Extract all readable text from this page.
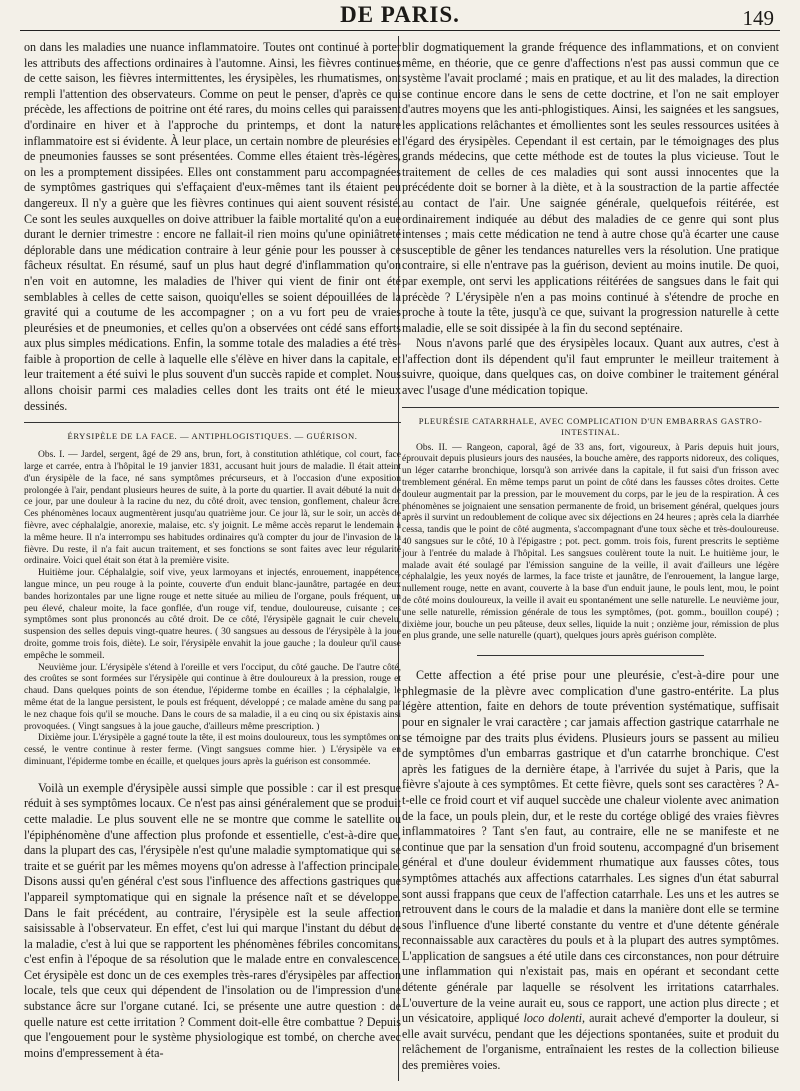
DE PARIS.	149

on dans les maladies une nuance inflammatoire. Toutes ont continué à porter les attributs des affections ordinaires à l'automne. Ainsi, les fièvres continues de cette saison, les fièvres intermittentes, les érysipèles, les rhumatismes, ont rempli l'attention des observateurs. Comme on peut le penser, d'après ce qui précède, les affections de poitrine ont été rares, du moins celles qui paraissent d'ordinaire en hiver et à l'approche du printemps, et dont la nature inflammatoire est si évidente. À leur place, un certain nombre de pleurésies et de pneumonies fausses se sont présentées. Comme elles étaient très-légères, on les a promptement dissipées. Elles ont constamment paru accompagnées de symptômes gastriques qui s'effaçaient d'eux-mêmes tant ils étaient peu dangereux. Il n'y a guère que les fièvres continues qui aient souvent résisté. Ce sont les seules auxquelles on doive attribuer la faible mortalité qu'on a eue durant le dernier trimestre : encore ne fallait-il rien moins qu'une opiniâtreté déplorable dans une médication contraire à leur génie pour les pousser à ce fâcheux résultat. En résumé, sauf un plus haut degré d'inflammation qu'on n'en voit en automne, les maladies de l'hiver qui vient de finir ont été semblables à celles de cette saison, quoiqu'elles se soient dépouillées de la gravité qui a coutume de les accompagner ; on a vu fort peu de vraies pleurésies et de pneumonies, et celles qu'on a observées ont cédé sans efforts aux plus simples médications. Enfin, la somme totale des maladies a été très-faible à proportion de celle à laquelle elle s'élève en hiver dans la capitale, et leur traitement a été suivi le plus souvent d'un succès rapide et complet. Nous allons choisir parmi ces maladies celles dont les traits ont été le mieux dessinés.

ÉRYSIPÈLE DE LA FACE. — ANTIPHLOGISTIQUES. — GUÉRISON.

Obs. I. — Jardel, sergent, âgé de 29 ans, brun, fort, à constitution athlétique, col court, face large et carrée, entra à l'hôpital le 19 janvier 1831, accusant huit jours de maladie. Il était atteint d'un érysipèle de la face, né sans symptômes précurseurs, et à l'occasion d'une exposition prolongée à l'air, pendant plusieurs heures de suite, à la porte du quartier. Il avait débuté la nuit de ce jour, par une douleur à la racine du nez, du côté droit, avec tension, gonflement, chaleur âcre. Ces phénomènes locaux augmentèrent jusqu'au quatrième jour. Ce jour là, sur le soir, un accès de fièvre, avec céphalalgie, anorexie, malaise, etc. s'y joignit. Le même accès reparut le lendemain à la même heure. Il n'a interrompu ses habitudes ordinaires qu'à compter du jour de l'invasion de la fièvre. Du reste, il n'a fait aucun traitement, et ses fonctions se sont faites avec leur régularité ordinaire. Voici quel était son état à la première visite.

Huitième jour. Céphalalgie, soif vive, yeux larmoyans et injectés, enrouement, inappétence, langue mince, un peu rouge à la pointe, couverte d'un enduit blanc-jaunâtre, partagée en deux bandes horizontales par une ligne rouge et nette située au milieu de l'organe, pouls fréquent, un peu élevé, chaleur moite, la face gonflée, d'un rouge vif, tendue, douloureuse, cuisante ; ces symptômes sont plus prononcés au côté droit. De ce côté, l'érysipèle gagnait le cuir chevelu, suspension des selles depuis vingt-quatre heures. ( 30 sangsues au dessous de l'érysipèle à la joue droite, gomme trois fois, diète). Le soir, l'érysipèle envahit la joue gauche ; la douleur qu'il cause empêche le sommeil.

Neuvième jour. L'érysipèle s'étend à l'oreille et vers l'occiput, du côté gauche. De l'autre côté, des croûtes se sont formées sur l'érysipèle qui continue à être douloureux à la pression, rouge et chaud. Dans quelques points de son étendue, l'épiderme tombe en écailles ; la céphalalgie, le même état de la langue persistent, le pouls est fréquent, développé ; ce malade amène du sang par le nez chaque fois qu'il se mouche. Dans le cours de sa maladie, il a eu cinq ou six épistaxis ainsi provoquées. ( Vingt sangsues à la joue gauche, d'ailleurs même prescription. )

Dixième jour. L'érysipèle a gagné toute la tête, il est moins douloureux, tous les symptômes ont cessé, le ventre continue à rester ferme. (Vingt sangsues comme hier. ) L'érysipèle va en diminuant, l'épiderme tombe en écaille, et quelques jours après la guérison est consommée.

Voilà un exemple d'érysipèle aussi simple que possible : car il est presque réduit à ses symptômes locaux. Ce n'est pas ainsi généralement que se produit cette maladie. Le plus souvent elle ne se montre que comme le satellite ou l'épiphénomène d'une affection plus profonde et essentielle, c'est-à-dire que, dans la plupart des cas, l'érysipèle n'est qu'une maladie symptomatique qui se traite et se guérit par les mêmes moyens qu'on adresse à l'affection principale. Disons aussi qu'en général c'est sous l'influence des affections gastriques que l'appareil symptomatique qui en signale la présence naît et se développe. Dans le fait précédent, au contraire, l'érysipèle est la seule affection saisissable à l'observateur. En effet, c'est lui qui marque l'instant du début de la maladie, c'est à lui que se rapportent les phénomènes fébriles concomitans, c'est enfin à l'époque de sa résolution que le malade entre en convalescence. Cet érysipèle est donc un de ces exemples très-rares d'érysipèles par affection locale, tels que ceux qui dépendent de l'insolation ou de l'impression d'une substance âcre sur l'organe cutané. Ici, se présente une autre question : de quelle nature est cette irritation ? Comment doit-elle être combattue ? Depuis que l'engouement pour le système physiologique est tombé, on cherche avec moins d'empressement à éta-

blir dogmatiquement la grande fréquence des inflammations, et on convient même, en théorie, que ce genre d'affections n'est pas aussi commun que ce système l'avait proclamé ; mais en pratique, et au lit des malades, la direction se continue encore dans le sens de cette doctrine, et l'on ne sait employer d'autres moyens que les anti-phlogistiques. Ainsi, les saignées et les sangsues, les applications relâchantes et émollientes sont les seules ressources usitées à l'égard des érysipèles. Cependant il est certain, par le témoignages des plus grands médecins, que cette méthode est de toutes la plus vicieuse. Tout le traitement de celles de ces maladies qui sont aussi innocentes que la précédente doit se borner à la diète, et à la soustraction de la partie affectée au contact de l'air. Une saignée générale, quelquefois réitérée, est ordinairement indiquée au début des maladies de ce genre qui sont plus intenses ; mais cette médication ne tend à autre chose qu'à écarter une cause susceptible de gêner les tendances naturelles vers la résolution. Une pratique contraire, si elle n'entrave pas la guérison, devient au moins inutile. De quoi, par exemple, ont servi les applications réitérées de sangsues dans le fait qui précède ? L'érysipèle n'en a pas moins continué à s'étendre de proche en proche à toute la tête, jusqu'à ce que, suivant la progression naturelle à cette maladie, elle se soit dissipée à la fin du second septénaire.

Nous n'avons parlé que des érysipèles locaux. Quant aux autres, c'est à l'affection dont ils dépendent qu'il faut emprunter le meilleur traitement à suivre, quoique, dans quelques cas, on doive combiner le traitement général avec l'usage d'une médication topique.

PLEURÉSIE CATARRHALE, AVEC COMPLICATION D'UN EMBARRAS GASTRO-INTESTINAL.

Obs. II. — Rangeon, caporal, âgé de 33 ans, fort, vigoureux, à Paris depuis huit jours, éprouvait depuis plusieurs jours des nausées, la bouche amère, des rapports nidoreux, des coliques, un léger catarrhe bronchique, lorsqu'à son arrivée dans la capitale, il fut saisi d'un frisson avec tremblement général. En même temps parut un point de côté dans les fausses côtes droites. Cette douleur augmentait par la pression, par le mouvement du corps, par le jeu de la respiration. À ces phénomènes se joignaient une sensation permanente de froid, un brisement général, quelques jours après il survint un redoublement de colique avec six déjections en 24 heures ; après cela la diarrhée cessa, tandis que le point de côté augmenta, s'accompagnant d'une toux sèche et très-douloureuse. 40 sangsues sur le côté, 10 à l'épigastre ; pot. pect. gomm. trois fois, furent prescrits le septième jour à l'entrée du malade à l'hôpital. Les sangsues coulèrent toute la nuit. Le huitième jour, le malade avait été soulagé par l'émission sanguine de la veille, il avait d'ailleurs une légère céphalalgie, les yeux noyés de larmes, la face triste et jaunâtre, de l'enrouement, la langue large, nullement rouge, nette en avant, couverte à la base d'un enduit jaune, le pouls lent, mou, le point de côté moins douloureux, la veille il avait eu spontanément une selle naturelle. Le neuvième jour, une selle naturelle, rémission générale de tous les symptômes, (pot. gomm., bouillon coupé) ; dixième jour, bouche un peu pâteuse, deux selles, liquide la nuit ; onzième jour, rémission de plus en plus grande, une selle naturelle (quart), quelques jours après guérison complète.

Cette affection a été prise pour une pleurésie, c'est-à-dire pour une phlegmasie de la plèvre avec complication d'une gastro-entérite. La plus légère attention, faite en dehors de toute prévention systématique, suffisait pour en signaler le vrai caractère ; car jamais affection gastrique catarrhale ne se témoigne par des traits plus évidens. Plusieurs jours se passent au milieu de symptômes d'un embarras gastrique et d'un catarrhe bronchique. C'est après les fatigues de la dernière étape, à l'arrivée du sujet à Paris, que la fièvre s'ajoute à ces symptômes. Et cette fièvre, quels sont ses caractères ? A-t-elle ce froid court et vif auquel succède une chaleur violente avec animation de la face, un pouls plein, dur, et le reste du cortége obligé des vraies fièvres inflammatoires ? Tant s'en faut, au contraire, elle ne se manifeste et ne continue que par la sensation d'un froid soutenu, accompagné d'un brisement général et d'une douleur évidemment rhumatique aux fausses côtes, tous symptômes attachés aux affections catarrhales. Les signes d'un état saburral sont aussi frappans que ceux de l'affection catarrhale. Les uns et les autres se retrouvent dans le cours de la maladie et dans la manière dont elle se termine sous l'influence d'une liberté constante du ventre et d'une détente générale reconnaissable aux caractères du pouls et à la plupart des autres symptômes. L'application de sangsues a été utile dans ces circonstances, non pour détruire une inflammation qui n'existait pas, mais en opérant et secondant cette détente générale par laquelle se résolvent les irritations catarrhales. L'ouverture de la veine aurait eu, sous ce rapport, une action plus directe ; et un vésicatoire, appliqué loco dolenti, aurait achevé d'emporter la douleur, si elle avait survécu, pendant que les déjections spontanées, suite et produit du relâchement de l'organisme, entraînaient les restes de la collection bilieuse des premières voies.
